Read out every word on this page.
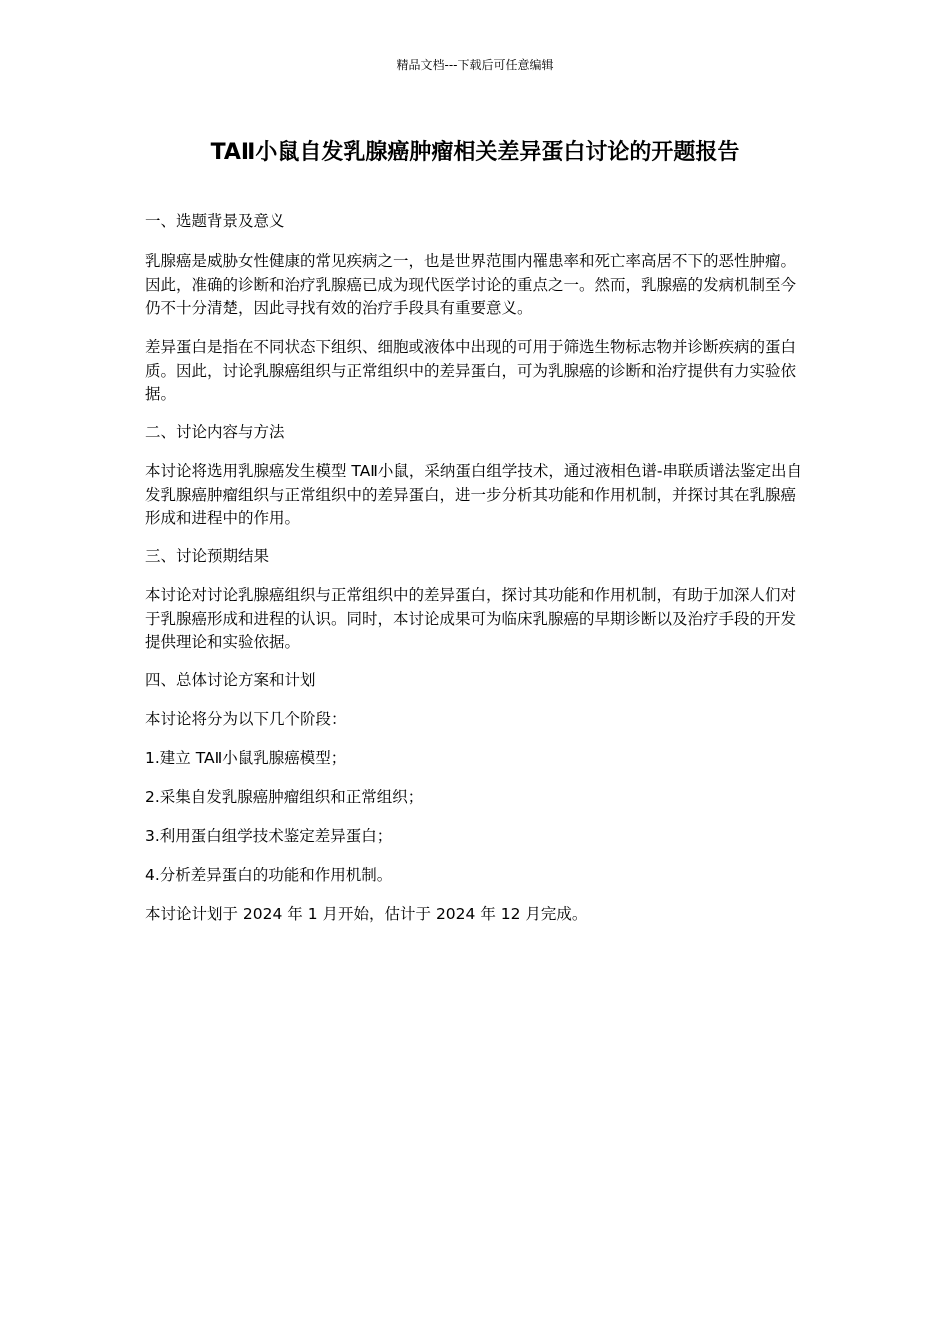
精品文档---下载后可任意编辑
TAⅡ小鼠自发乳腺癌肿瘤相关差异蛋白讨论的开题报告

一、选题背景及意义

乳腺癌是威胁女性健康的常见疾病之一，也是世界范围内罹患率和死亡率高居不下的恶性肿瘤。因此，准确的诊断和治疗乳腺癌已成为现代医学讨论的重点之一。然而，乳腺癌的发病机制至今仍不十分清楚，因此寻找有效的治疗手段具有重要意义。

差异蛋白是指在不同状态下组织、细胞或液体中出现的可用于筛选生物标志物并诊断疾病的蛋白质。因此，讨论乳腺癌组织与正常组织中的差异蛋白，可为乳腺癌的诊断和治疗提供有力实验依据。

二、讨论内容与方法

本讨论将选用乳腺癌发生模型 TAⅡ小鼠，采纳蛋白组学技术，通过液相色谱-串联质谱法鉴定出自发乳腺癌肿瘤组织与正常组织中的差异蛋白，进一步分析其功能和作用机制，并探讨其在乳腺癌形成和进程中的作用。

三、讨论预期结果

本讨论对讨论乳腺癌组织与正常组织中的差异蛋白，探讨其功能和作用机制，有助于加深人们对于乳腺癌形成和进程的认识。同时，本讨论成果可为临床乳腺癌的早期诊断以及治疗手段的开发提供理论和实验依据。

四、总体讨论方案和计划

本讨论将分为以下几个阶段：

1.建立 TAⅡ小鼠乳腺癌模型；

2.采集自发乳腺癌肿瘤组织和正常组织；

3.利用蛋白组学技术鉴定差异蛋白；

4.分析差异蛋白的功能和作用机制。

本讨论计划于 2024 年 1 月开始，估计于 2024 年 12 月完成。
